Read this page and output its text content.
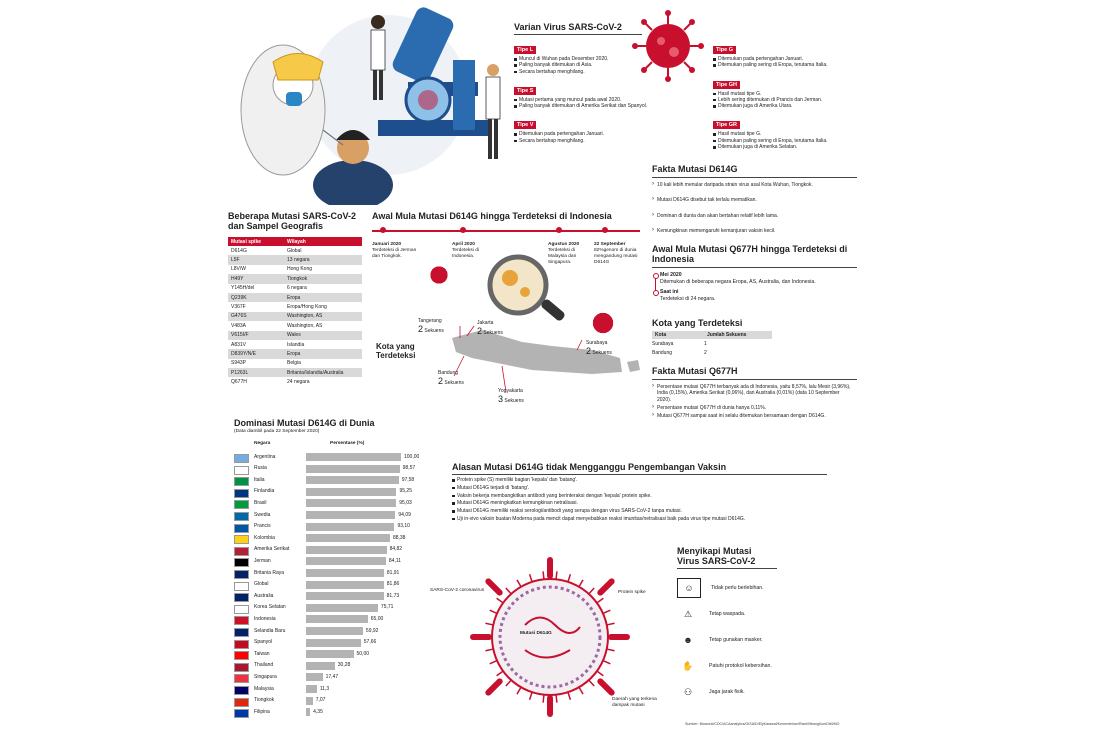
Varian Virus SARS-CoV-2
Tipe L
Muncul di Wuhan pada Desember 2020.
Paling banyak ditemukan di Asia.
Secara bertahap menghilang.
Tipe S
Mutasi pertama yang muncul pada awal 2020.
Paling banyak ditemukan di Amerika Serikat dan Spanyol.
Tipe V
Ditemukan pada pertengahan Januari.
Secara bertahap menghilang.
Tipe G
Ditemukan pada pertengahan Januari.
Ditemukan paling sering di Eropa, terutama Italia.
Tipe GH
Hasil mutasi tipe G.
Lebih sering ditemukan di Prancis dan Jerman.
Ditemukan juga di Amerika Utara.
Tipe GR
Hasil mutasi tipe G.
Ditemukan paling sering di Eropa, terutama Italia.
Ditemukan juga di Amerika Selatan.
Fakta Mutasi D614G
› 10 kali lebih menular daripada strain virus asal Kota Wuhan, Tiongkok.
› Mutasi D614G disebut tak terlalu mematikan.
› Dominan di dunia dan akan bertahan relatif lebih lama.
› Kemungkinan memengaruhi kemanjuran vaksin kecil.
Awal Mula Mutasi Q677H hingga Terdeteksi di Indonesia
Mei 2020
Ditemukan di beberapa negara Eropa, AS, Australia, dan Indonesia.
Saat ini
Terdeteksi di 24 negara.
Kota yang Terdeteksi
Kota	Jumlah Sekuens
Surabaya	1
Bandung	2
Fakta Mutasi Q677H
› Persentase mutasi Q677H terbanyak ada di Indonesia, yaitu 8,57%, lalu Mesir (3,96%), India (0,15%), Amerika Serikat (0,06%), dan Australia (0,01%) (data 10 September 2020).
› Persentase mutasi Q677H di dunia hanya 0,11%.
› Mutasi Q677H sampai saat ini selalu ditemukan bersamaan dengan D614G.
Beberapa Mutasi SARS-CoV-2
dan Sampel Geografis
Mutasi spike	Wilayah
D614G	Global
L5F	13 negara
L8V/W	Hong Kong
H49Y	Tiongkok
Y145H/del	6 negara
Q239K	Eropa
V367F	Eropa/Hong Kong
G476S	Washington, AS
V483A	Washington, AS
V615I/F	Wales
A831V	Islandia
D839Y/N/E	Eropa
S943P	Belgia
P1263L	Britania/Islandia/Australia
Q677H	24 negara
Awal Mula Mutasi D614G hingga Terdeteksi di Indonesia
Januari 2020
Terdeteksi di Jerman dan Tiongkok.
April 2020
Terdeteksi di Indonesia.
Agustus 2020
Terdeteksi di Malaysia dan Singapura.
22 September
82%genom di dunia mengandung mutasi D614G
Kota yang
Terdeteksi
Tangerang
2 Sekuens
Jakarta
2 Sekuens
Bandung
2 Sekuens
Yogyakarta
3 Sekuens
Surabaya
2 Sekuens
Dominasi Mutasi D614G di Dunia
(Data diambil pada 22 September 2020)
Negara	Persentase (%)
Argentina	100,00
Rusia	98,57
Italia	97,58
Finlandia	95,25
Brasil	95,03
Swedia	94,09
Prancis	93,10
Kolombia	88,38
Amerika Serikat	84,82
Jerman	84,11
Britania Raya	81,91
Global	81,86
Australia	81,73
Korea Selatan	75,71
Indonesia	65,00
Selandia Baru	59,92
Spanyol	57,66
Taiwan	50,00
Thailand	30,28
Singapura	17,47
Malaysia	11,3
Tiongkok	7,07
Filipina	4,35
Alasan Mutasi D614G tidak Mengganggu Pengembangan Vaksin
Protein spike (S) memiliki bagian 'kepala' dan 'batang'.
Mutasi D614G terjadi di 'batang'.
Vaksin bekerja membangkitkan antibodi yang berinteraksi dengan 'kepala' protein spike.
Mutasi D614G meningkatkan kemungkinan netralisasi.
Mutasi D614G memiliki reaksi serologi/antibodi yang serupa dengan virus SARS-CoV-2 tanpa mutasi.
Uji in-vivo vaksin buatan Moderna pada mencit dapat menyebabkan reaksi imunitas/netralisasi baik pada virus tipe mutasi D614G.
SARS-CoV-2 coronavirus	Protein spike
Mutasi D614G
Daerah yang terkena
dampak mutasi
Menyikapi Mutasi
Virus SARS-CoV-2
☺	Tidak perlu berlebihan.
⚠	Tetap waspada.
☻	Tetap gunakan masker.
✋	Patuhi protokol kebersihan.
⚇	Jaga jarak fisik.
Sumber: Bioworld/CDC/ACAanalytics/GISAID/ElyKarawal/Kementerian/Riset/litbangKomDiM/MO
